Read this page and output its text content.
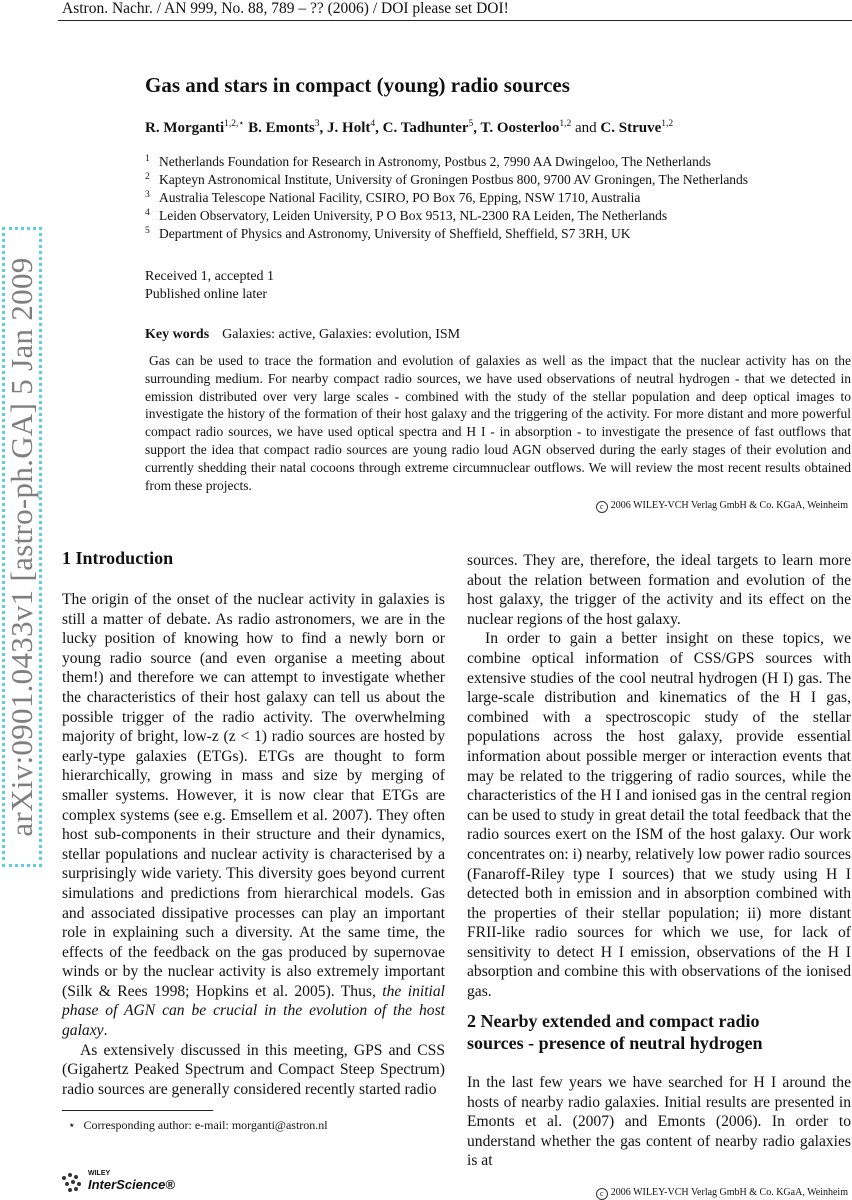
Astron. Nachr. / AN 999, No. 88, 789 – ?? (2006) / DOI please set DOI!
arXiv:0901.0433v1 [astro-ph.GA] 5 Jan 2009
Gas and stars in compact (young) radio sources
R. Morganti$^{1,2,⋆}$ B. Emonts$^3$, J. Holt$^4$, C. Tadhunter$^5$, T. Oosterloo$^{1,2}$ and C. Struve$^{1,2}$
1 Netherlands Foundation for Research in Astronomy, Postbus 2, 7990 AA Dwingeloo, The Netherlands
2 Kapteyn Astronomical Institute, University of Groningen Postbus 800, 9700 AV Groningen, The Netherlands
3 Australia Telescope National Facility, CSIRO, PO Box 76, Epping, NSW 1710, Australia
4 Leiden Observatory, Leiden University, P O Box 9513, NL-2300 RA Leiden, The Netherlands
5 Department of Physics and Astronomy, University of Sheffield, Sheffield, S7 3RH, UK
Received 1, accepted 1
Published online later
Key words Galaxies: active, Galaxies: evolution, ISM
Gas can be used to trace the formation and evolution of galaxies as well as the impact that the nuclear activity has on the surrounding medium. For nearby compact radio sources, we have used observations of neutral hydrogen - that we detected in emission distributed over very large scales - combined with the study of the stellar population and deep optical images to investigate the history of the formation of their host galaxy and the triggering of the activity. For more distant and more powerful compact radio sources, we have used optical spectra and H I - in absorption - to investigate the presence of fast outflows that support the idea that compact radio sources are young radio loud AGN observed during the early stages of their evolution and currently shedding their natal cocoons through extreme circumnuclear outflows. We will review the most recent results obtained from these projects.
c 2006 WILEY-VCH Verlag GmbH & Co. KGaA, Weinheim
1 Introduction

The origin of the onset of the nuclear activity in galaxies is still a matter of debate. As radio astronomers, we are in the lucky position of knowing how to find a newly born or young radio source (and even organise a meeting about them!) and therefore we can attempt to investigate whether the characteristics of their host galaxy can tell us about the possible trigger of the radio activity. The overwhelming majority of bright, low-z (z < 1) radio sources are hosted by early-type galaxies (ETGs). ETGs are thought to form hierarchically, growing in mass and size by merging of smaller systems. However, it is now clear that ETGs are complex systems (see e.g. Emsellem et al. 2007). They often host sub-components in their structure and their dynamics, stellar populations and nuclear activity is characterised by a surprisingly wide variety. This diversity goes beyond current simulations and predictions from hierarchical models. Gas and associated dissipative processes can play an important role in explaining such a diversity. At the same time, the effects of the feedback on the gas produced by supernovae winds or by the nuclear activity is also extremely important (Silk & Rees 1998; Hopkins et al. 2005). Thus, the initial phase of AGN can be crucial in the evolution of the host galaxy.

As extensively discussed in this meeting, GPS and CSS (Gigahertz Peaked Spectrum and Compact Steep Spectrum) radio sources are generally considered recently started radio

⋆ Corresponding author: e-mail: morganti@astron.nl

sources. They are, therefore, the ideal targets to learn more about the relation between formation and evolution of the host galaxy, the trigger of the activity and its effect on the nuclear regions of the host galaxy.

In order to gain a better insight on these topics, we combine optical information of CSS/GPS sources with extensive studies of the cool neutral hydrogen (H I) gas. The large-scale distribution and kinematics of the H I gas, combined with a spectroscopic study of the stellar populations across the host galaxy, provide essential information about possible merger or interaction events that may be related to the triggering of radio sources, while the characteristics of the H I and ionised gas in the central region can be used to study in great detail the total feedback that the radio sources exert on the ISM of the host galaxy. Our work concentrates on: i) nearby, relatively low power radio sources (Fanaroff-Riley type I sources) that we study using H I detected both in emission and in absorption combined with the properties of their stellar population; ii) more distant FRII-like radio sources for which we use, for lack of sensitivity to detect H I emission, observations of the H I absorption and combine this with observations of the ionised gas.

2 Nearby extended and compact radio
sources - presence of neutral hydrogen

In the last few years we have searched for H I around the hosts of nearby radio galaxies. Initial results are presented in Emonts et al. (2007) and Emonts (2006). In order to understand whether the gas content of nearby radio galaxies is at

WILEY
InterScience®
c 2006 WILEY-VCH Verlag GmbH & Co. KGaA, Weinheim
